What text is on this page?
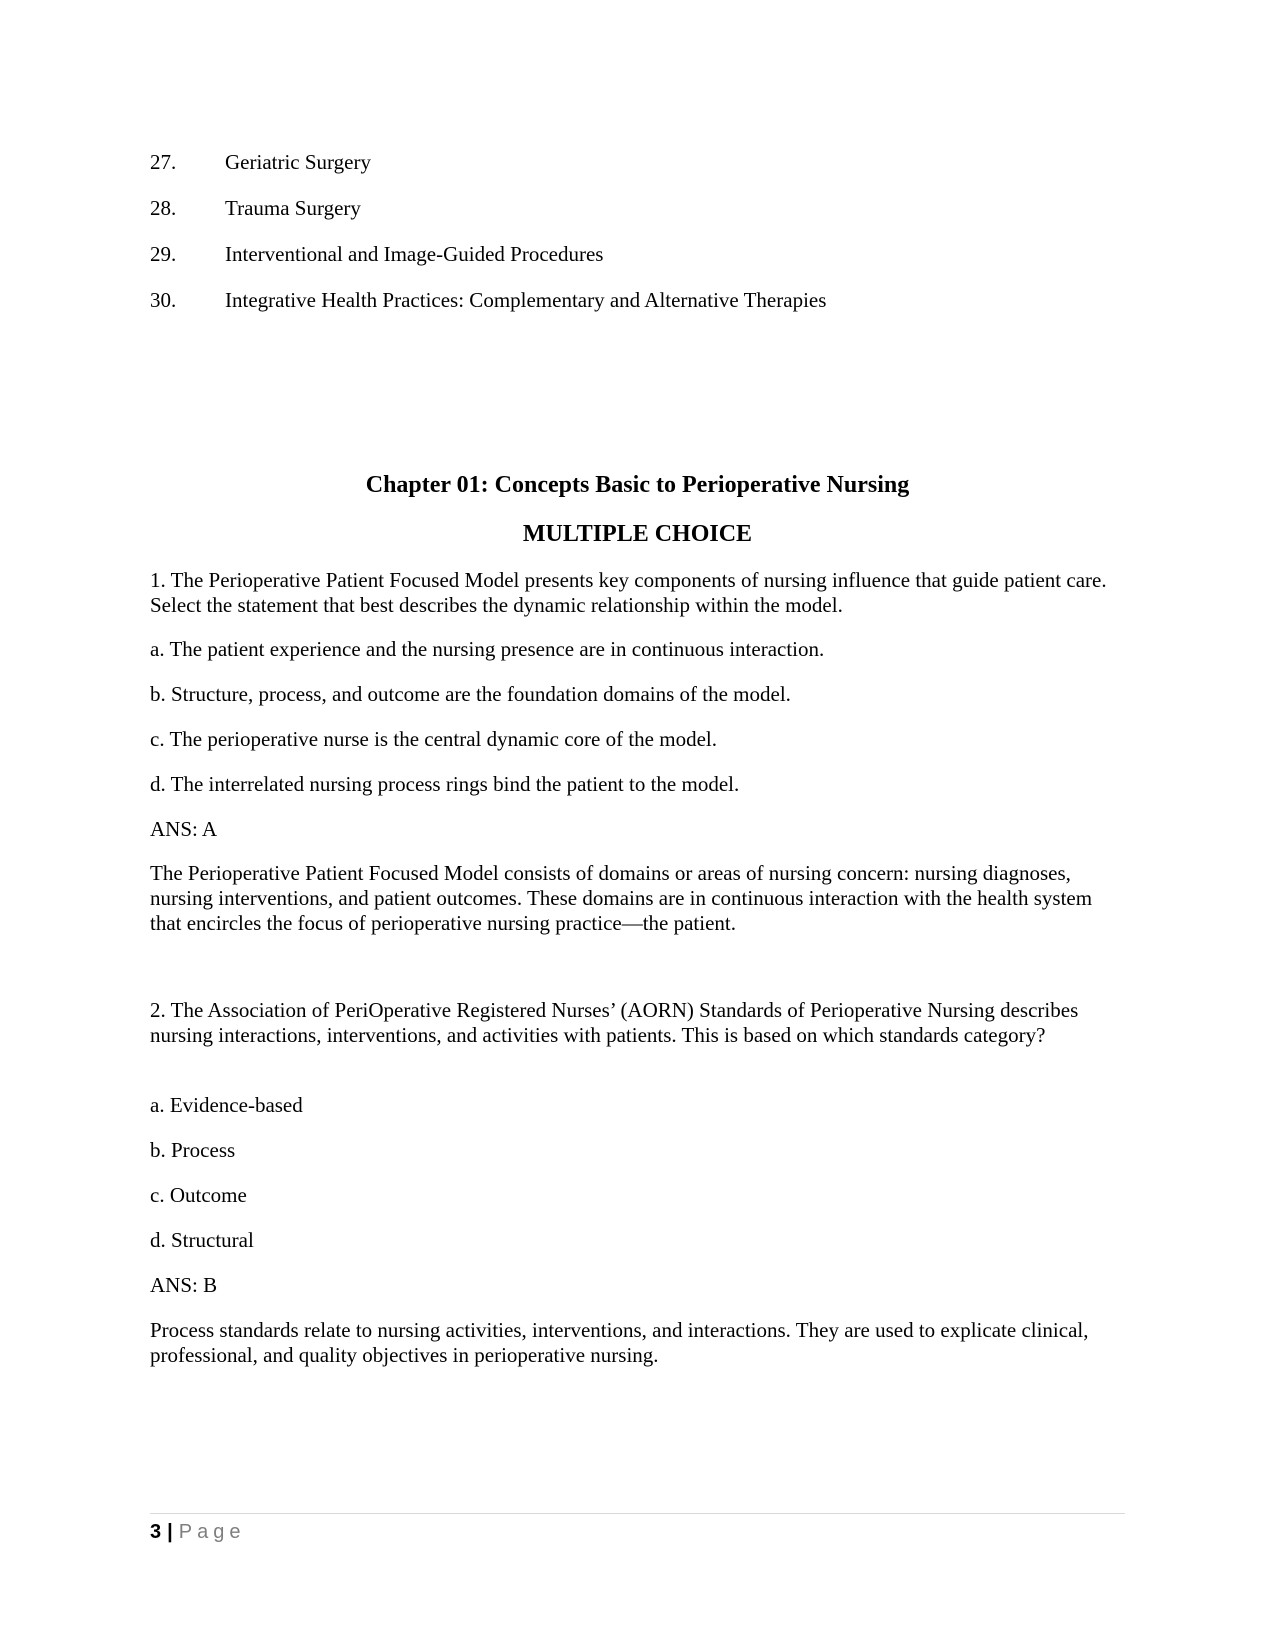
27.	Geriatric Surgery
28.	Trauma Surgery
29.	Interventional and Image-Guided Procedures
30.	Integrative Health Practices: Complementary and Alternative Therapies
Chapter 01: Concepts Basic to Perioperative Nursing
MULTIPLE CHOICE
1. The Perioperative Patient Focused Model presents key components of nursing influence that guide patient care. Select the statement that best describes the dynamic relationship within the model.
a. The patient experience and the nursing presence are in continuous interaction.
b. Structure, process, and outcome are the foundation domains of the model.
c. The perioperative nurse is the central dynamic core of the model.
d. The interrelated nursing process rings bind the patient to the model.
ANS: A
The Perioperative Patient Focused Model consists of domains or areas of nursing concern: nursing diagnoses, nursing interventions, and patient outcomes. These domains are in continuous interaction with the health system that encircles the focus of perioperative nursing practice—the patient.
2. The Association of PeriOperative Registered Nurses’ (AORN) Standards of Perioperative Nursing describes nursing interactions, interventions, and activities with patients. This is based on which standards category?
a. Evidence-based
b. Process
c. Outcome
d. Structural
ANS: B
Process standards relate to nursing activities, interventions, and interactions. They are used to explicate clinical, professional, and quality objectives in perioperative nursing.
3 | Page
